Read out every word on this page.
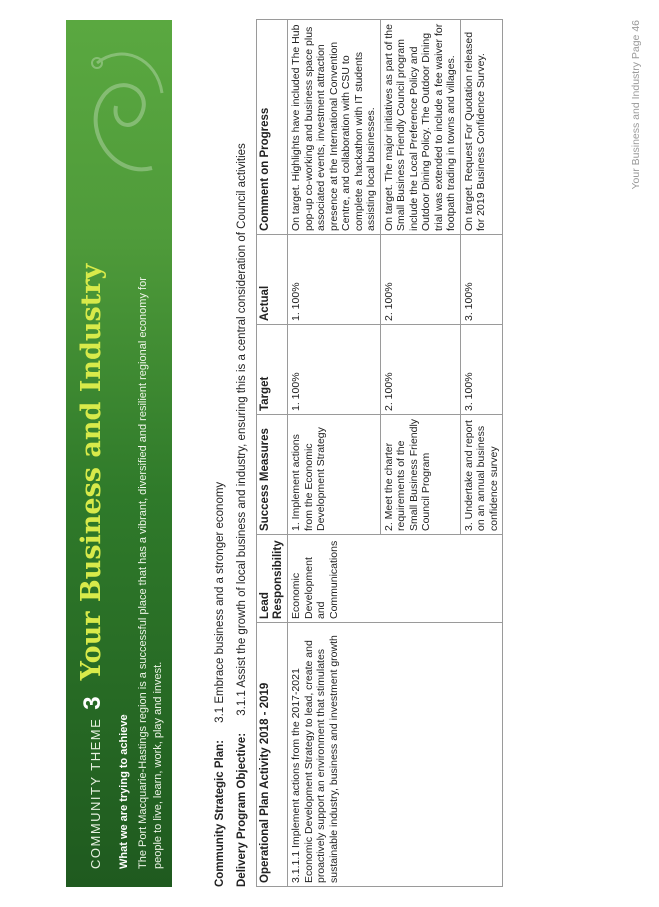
COMMUNITY THEME
3
Your Business and Industry
What we are trying to achieve The Port Macquarie-Hastings region is a successful place that has a vibrant, diversified and resilient regional economy for people to live, learn, work, play and invest.	Community Strategic Plan: 3.1 Embrace business and a stronger economy
Delivery Program Objective: 3.1.1 Assist the growth of local business and industry, ensuring this is a central consideration of Council activities
Operational Plan Activity 2018 - 2019	Lead Responsibility	Success Measures	Target	Actual	Comment on Progress
3.1.1.1 Implement actions from the 2017-2021 Economic Development Strategy to lead, create and proactively support an environment that stimulates sustainable industry, business and investment growth	Economic Development and Communications	1. Implement actions from the Economic Development Strategy	1. 100%	1. 100%	On target. Highlights have included The Hub pop-up co-working and business space plus associated events, investment attraction presence at the International Convention Centre, and collaboration with CSU to complete a hackathon with IT students assisting local businesses.
		2. Meet the charter requirements of the Small Business Friendly Council Program	2. 100%	2. 100%	On target. The major initiatives as part of the Small Business Friendly Council program include the Local Preference Policy and Outdoor Dining Policy. The Outdoor Dining trial was extended to include a fee waiver for footpath trading in towns and villages.
		3. Undertake and report on an annual business confidence survey	3. 100%	3. 100%	On target. Request For Quotation released for 2019 Business Confidence Survey.	Your Business and Industry Page 46
